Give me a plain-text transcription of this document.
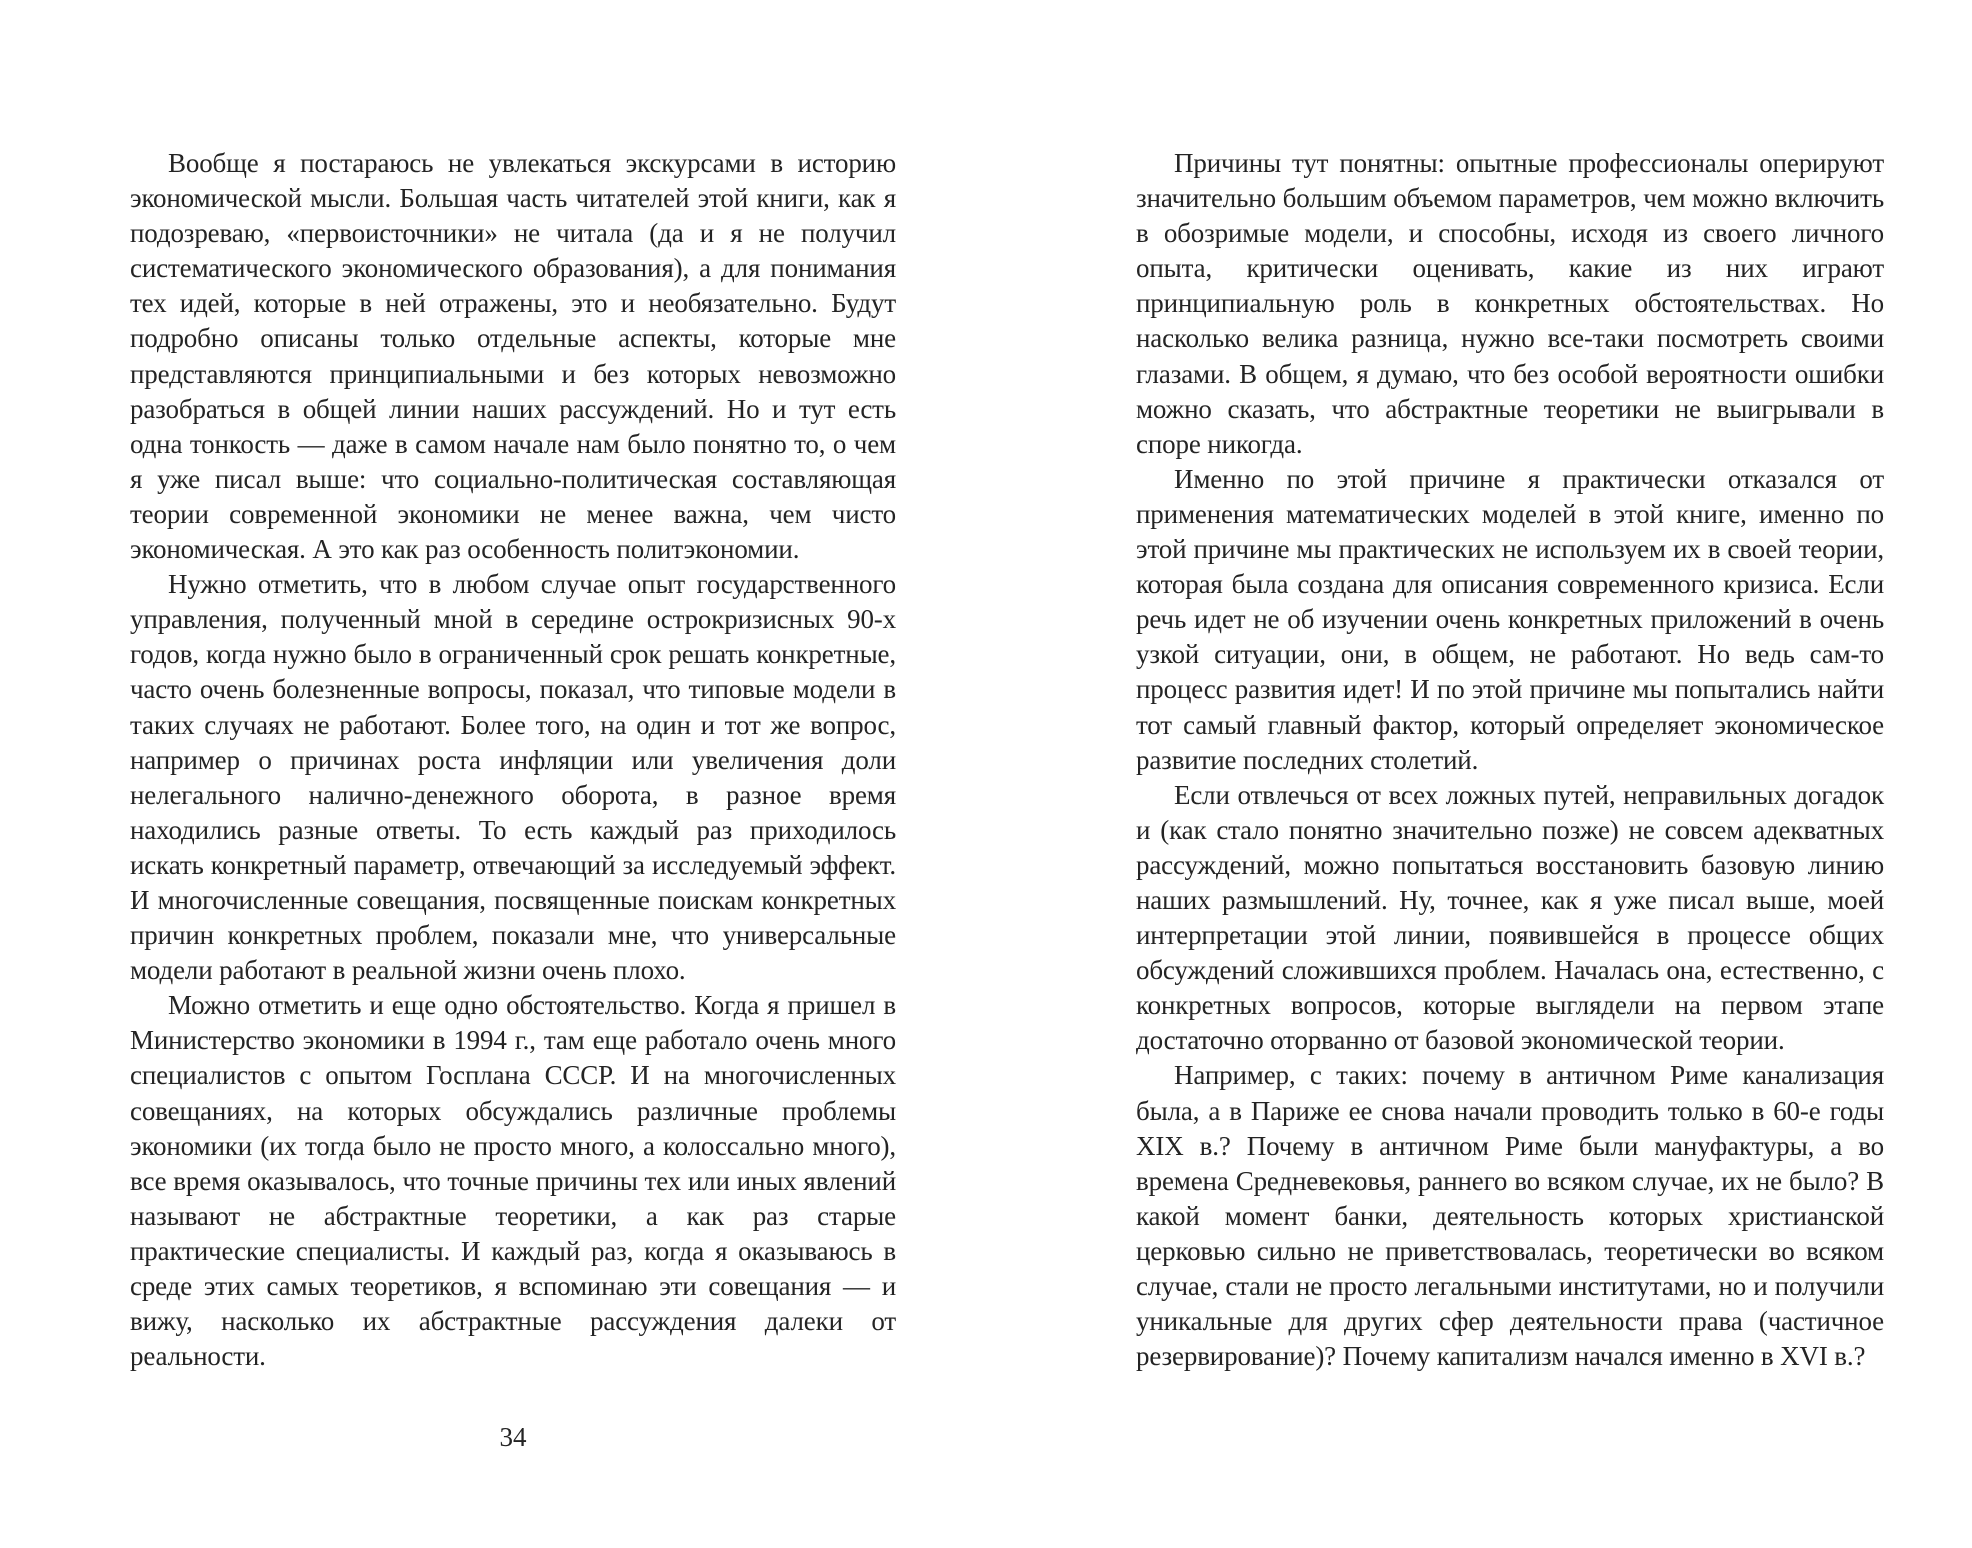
Вообще я постараюсь не увлекаться экскурсами в историю экономической мысли. Большая часть читателей этой книги, как я подозреваю, «первоисточники» не читала (да и я не получил систематического экономического образования), а для понимания тех идей, которые в ней отражены, это и необязательно. Будут подробно описаны только отдельные аспекты, которые мне представляются принципиальными и без которых невозможно разобраться в общей линии наших рассуждений. Но и тут есть одна тонкость — даже в самом начале нам было понятно то, о чем я уже писал выше: что социально-политическая составляющая теории современной экономики не менее важна, чем чисто экономическая. А это как раз особенность политэкономии.

Нужно отметить, что в любом случае опыт государственного управления, полученный мной в середине острокризисных 90-х годов, когда нужно было в ограниченный срок решать конкретные, часто очень болезненные вопросы, показал, что типовые модели в таких случаях не работают. Более того, на один и тот же вопрос, например о причинах роста инфляции или увеличения доли нелегального налично-денежного оборота, в разное время находились разные ответы. То есть каждый раз приходилось искать конкретный параметр, отвечающий за исследуемый эффект. И многочисленные совещания, посвященные поискам конкретных причин конкретных проблем, показали мне, что универсальные модели работают в реальной жизни очень плохо.

Можно отметить и еще одно обстоятельство. Когда я пришел в Министерство экономики в 1994 г., там еще работало очень много специалистов с опытом Госплана СССР. И на многочисленных совещаниях, на которых обсуждались различные проблемы экономики (их тогда было не просто много, а колоссально много), все время оказывалось, что точные причины тех или иных явлений называют не абстрактные теоретики, а как раз старые практические специалисты. И каждый раз, когда я оказываюсь в среде этих самых теоретиков, я вспоминаю эти совещания — и вижу, насколько их абстрактные рассуждения далеки от реальности.

34

Причины тут понятны: опытные профессионалы оперируют значительно большим объемом параметров, чем можно включить в обозримые модели, и способны, исходя из своего личного опыта, критически оценивать, какие из них играют принципиальную роль в конкретных обстоятельствах. Но насколько велика разница, нужно все-таки посмотреть своими глазами. В общем, я думаю, что без особой вероятности ошибки можно сказать, что абстрактные теоретики не выигрывали в споре никогда.

Именно по этой причине я практически отказался от применения математических моделей в этой книге, именно по этой причине мы практических не используем их в своей теории, которая была создана для описания современного кризиса. Если речь идет не об изучении очень конкретных приложений в очень узкой ситуации, они, в общем, не работают. Но ведь сам-то процесс развития идет! И по этой причине мы попытались найти тот самый главный фактор, который определяет экономическое развитие последних столетий.

Если отвлечься от всех ложных путей, неправильных догадок и (как стало понятно значительно позже) не совсем адекватных рассуждений, можно попытаться восстановить базовую линию наших размышлений. Ну, точнее, как я уже писал выше, моей интерпретации этой линии, появившейся в процессе общих обсуждений сложившихся проблем. Началась она, естественно, с конкретных вопросов, которые выглядели на первом этапе достаточно оторванно от базовой экономической теории.

Например, с таких: почему в античном Риме канализация была, а в Париже ее снова начали проводить только в 60-е годы XIX в.? Почему в античном Риме были мануфактуры, а во времена Средневековья, раннего во всяком случае, их не было? В какой момент банки, деятельность которых христианской церковью сильно не приветствовалась, теоретически во всяком случае, стали не просто легальными институтами, но и получили уникальные для других сфер деятельности права (частичное резервирование)? Почему капитализм начался именно в XVI в.?
